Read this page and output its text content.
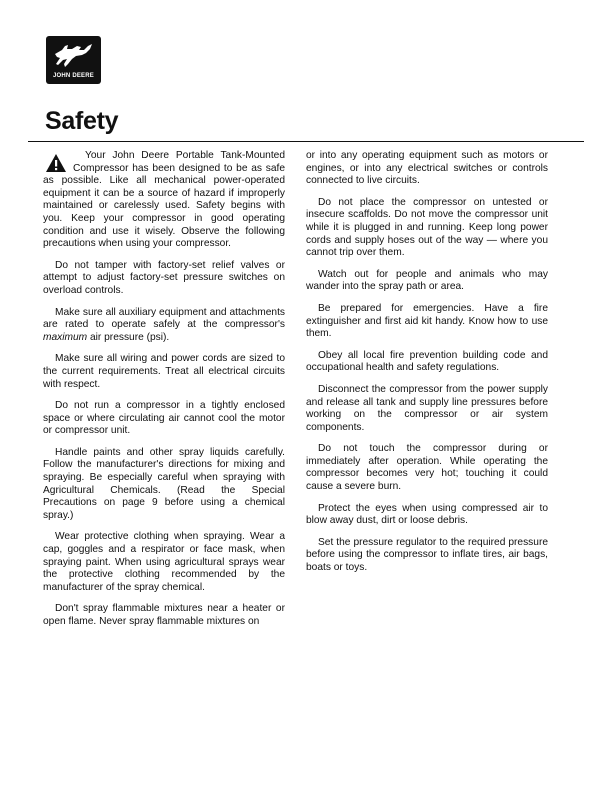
JOHN DEERE
Safety

Your John Deere Portable Tank-Mounted Compressor has been designed to be as safe as possible. Like all mechanical power-operated equipment it can be a source of hazard if improperly maintained or carelessly used. Safety begins with you. Keep your compressor in good operating condition and use it wisely. Observe the following precautions when using your compressor.

Do not tamper with factory-set relief valves or attempt to adjust factory-set pressure switches on overload controls.

Make sure all auxiliary equipment and attachments are rated to operate safely at the compressor's maximum air pressure (psi).

Make sure all wiring and power cords are sized to the current requirements. Treat all electrical circuits with respect.

Do not run a compressor in a tightly enclosed space or where circulating air cannot cool the motor or compressor unit.

Handle paints and other spray liquids carefully. Follow the manufacturer's directions for mixing and spraying. Be especially careful when spraying with Agricultural Chemicals. (Read the Special Precautions on page 9 before using a chemical spray.)

Wear protective clothing when spraying. Wear a cap, goggles and a respirator or face mask, when spraying paint. When using agricultural sprays wear the protective clothing recommended by the manufacturer of the spray chemical.

Don't spray flammable mixtures near a heater or open flame. Never spray flammable mixtures on

or into any operating equipment such as motors or engines, or into any electrical switches or controls connected to live circuits.

Do not place the compressor on untested or insecure scaffolds. Do not move the compressor unit while it is plugged in and running. Keep long power cords and supply hoses out of the way — where you cannot trip over them.

Watch out for people and animals who may wander into the spray path or area.

Be prepared for emergencies. Have a fire extinguisher and first aid kit handy. Know how to use them.

Obey all local fire prevention building code and occupational health and safety regulations.

Disconnect the compressor from the power supply and release all tank and supply line pressures before working on the compressor or air system components.

Do not touch the compressor during or immediately after operation. While operating the compressor becomes very hot; touching it could cause a severe burn.

Protect the eyes when using compressed air to blow away dust, dirt or loose debris.

Set the pressure regulator to the required pressure before using the compressor to inflate tires, air bags, boats or toys.
